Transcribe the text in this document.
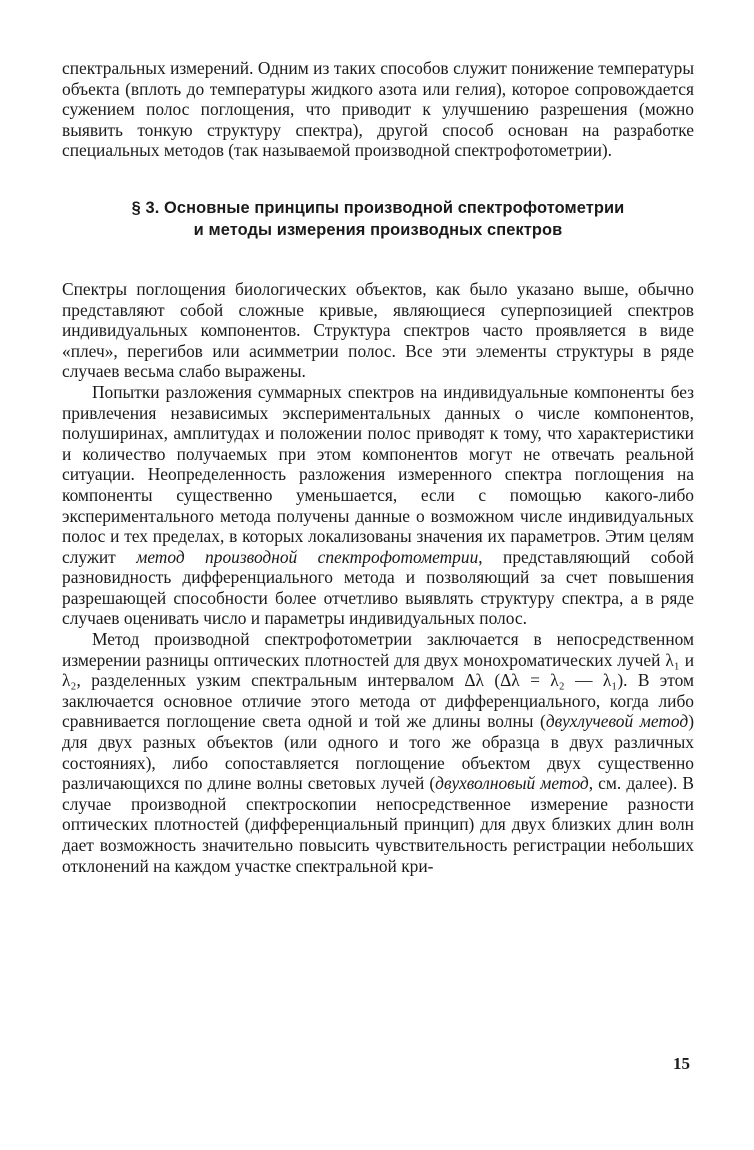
спектральных измерений. Одним из таких способов служит понижение температуры объекта (вплоть до температуры жидкого азота или гелия), которое сопровождается сужением полос поглощения, что приводит к улучшению разрешения (можно выявить тонкую структуру спектра), другой способ основан на разработке специальных методов (так называемой производной спектрофотометрии).

§ 3. Основные принципы производной спектрофотометрии
и методы измерения производных спектров

Спектры поглощения биологических объектов, как было указано выше, обычно представляют собой сложные кривые, являющиеся суперпозицией спектров индивидуальных компонентов. Структура спектров часто проявляется в виде «плеч», перегибов или асимметрии полос. Все эти элементы структуры в ряде случаев весьма слабо выражены.

Попытки разложения суммарных спектров на индивидуальные компоненты без привлечения независимых экспериментальных данных о числе компонентов, полуширинах, амплитудах и положении полос приводят к тому, что характеристики и количество получаемых при этом компонентов могут не отвечать реальной ситуации. Неопределенность разложения измеренного спектра поглощения на компоненты существенно уменьшается, если с помощью какого-либо экспериментального метода получены данные о возможном числе индивидуальных полос и тех пределах, в которых локализованы значения их параметров. Этим целям служит метод производной спектрофотометрии, представляющий собой разновидность дифференциального метода и позволяющий за счет повышения разрешающей способности более отчетливо выявлять структуру спектра, а в ряде случаев оценивать число и параметры индивидуальных полос.

Метод производной спектрофотометрии заключается в непосредственном измерении разницы оптических плотностей для двух монохроматических лучей λ₁ и λ₂, разделенных узким спектральным интервалом Δλ (Δλ = λ₂ — λ₁). В этом заключается основное отличие этого метода от дифференциального, когда либо сравнивается поглощение света одной и той же длины волны (двухлучевой метод) для двух разных объектов (или одного и того же образца в двух различных состояниях), либо сопоставляется поглощение объектом двух существенно различающихся по длине волны световых лучей (двухволновый метод, см. далее). В случае производной спектроскопии непосредственное измерение разности оптических плотностей (дифференциальный принцип) для двух близких длин волн дает возможность значительно повысить чувствительность регистрации небольших отклонений на каждом участке спектральной кри-

15
